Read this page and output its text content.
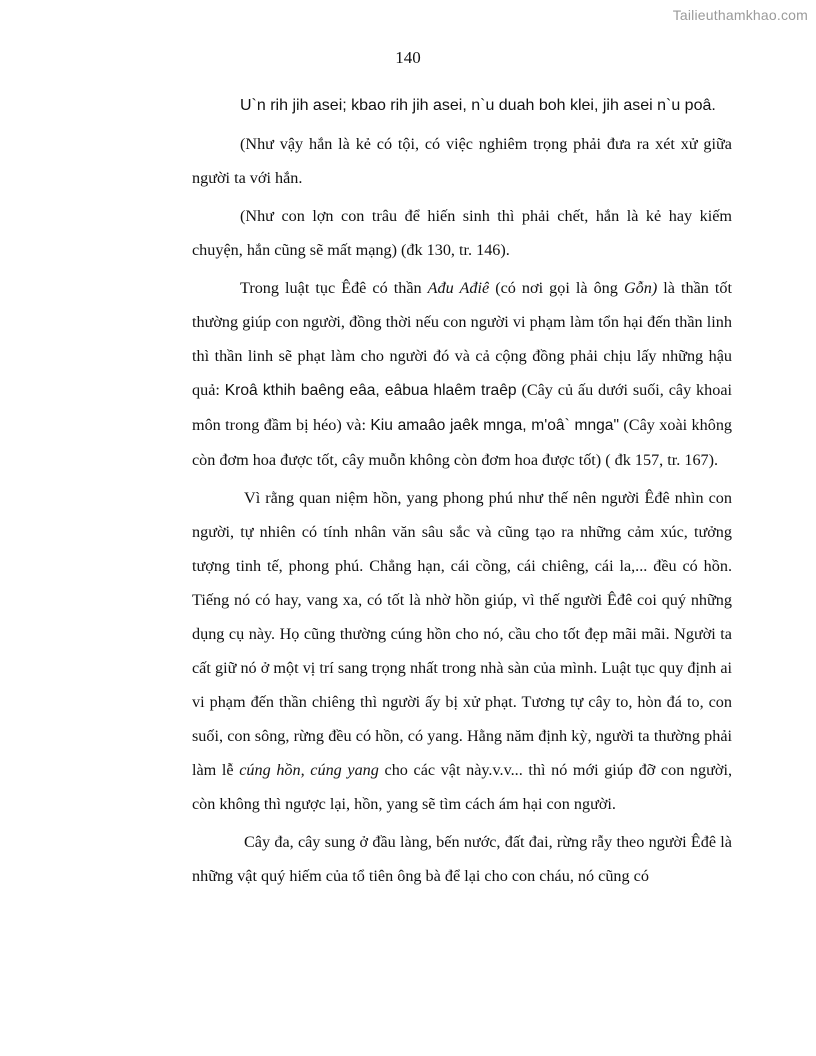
Tailieuthamkhao.com
140

U`n rih jih asei; kbao rih jih asei, n`u duah boh klei, jih asei n`u poâ.

(Như vậy hắn là kẻ có tội, có việc nghiêm trọng phải đưa ra xét xử giữa người ta với hắn.

(Như con lợn con trâu để hiến sinh thì phải chết, hắn là kẻ hay kiếm chuyện, hắn cũng sẽ mất mạng) (đk 130, tr. 146).

Trong luật tục Êđê có thần Ađu Ađiê (có nơi gọi là ông Gỗn) là thần tốt thường giúp con người, đồng thời nếu con người vi phạm làm tổn hại đến thần linh thì thần linh sẽ phạt làm cho người đó và cả cộng đồng phải chịu lấy những hậu quả: Kroâ kthih baêng eâa, eâbua hlaêm traêp (Cây củ ấu dưới suối, cây khoai môn trong đầm bị héo) và: Kiu amaâo jaêk mnga, m'oâ` mnga" (Cây xoài không còn đơm hoa được tốt, cây muỗn không còn đơm hoa được tốt) ( đk 157, tr. 167).

Vì rằng quan niệm hồn, yang phong phú như thế nên người Êđê nhìn con người, tự nhiên có tính nhân văn sâu sắc và cũng tạo ra những cảm xúc, tưởng tượng tinh tế, phong phú. Chẳng hạn, cái cồng, cái chiêng, cái la,... đều có hồn. Tiếng nó có hay, vang xa, có tốt là nhờ hồn giúp, vì thế người Êđê coi quý những dụng cụ này. Họ cũng thường cúng hồn cho nó, cầu cho tốt đẹp mãi mãi. Người ta cất giữ nó ở một vị trí sang trọng nhất trong nhà sàn của mình. Luật tục quy định ai vi phạm đến thần chiêng thì người ấy bị xử phạt. Tương tự cây to, hòn đá to, con suối, con sông, rừng đều có hồn, có yang. Hằng năm định kỳ, người ta thường phải làm lễ cúng hồn, cúng yang cho các vật này.v.v... thì nó mới giúp đỡ con người, còn không thì ngược lại, hồn, yang sẽ tìm cách ám hại con người.

Cây đa, cây sung ở đầu làng, bến nước, đất đai, rừng rẫy theo người Êđê là những vật quý hiếm của tổ tiên ông bà để lại cho con cháu, nó cũng có
